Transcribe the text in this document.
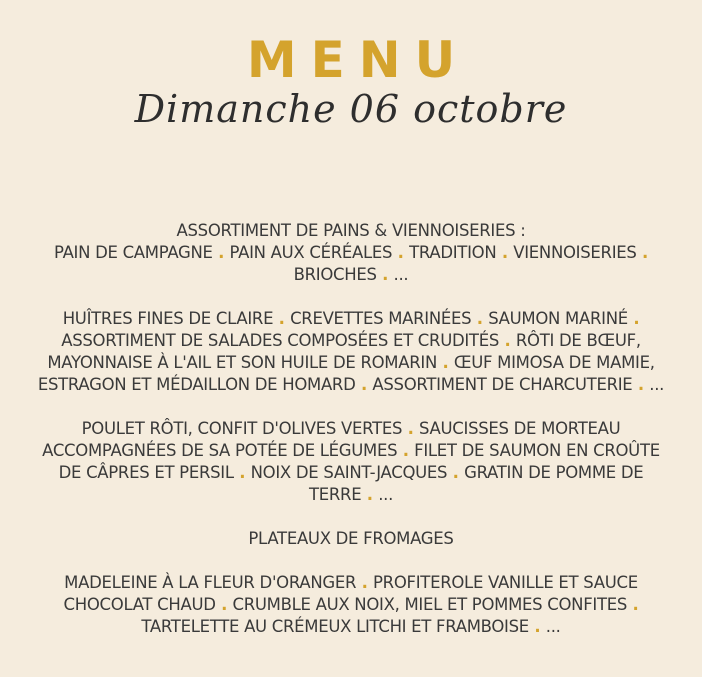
MENU
Dimanche 06 octobre
ASSORTIMENT DE PAINS & VIENNOISERIES :
PAIN DE CAMPAGNE . PAIN AUX CÉRÉALES . TRADITION . VIENNOISERIES .
BRIOCHES . ...
HUÎTRES FINES DE CLAIRE . CREVETTES MARINÉES . SAUMON MARINÉ .
ASSORTIMENT DE SALADES COMPOSÉES ET CRUDITÉS . RÔTI DE BŒUF,
MAYONNAISE À L'AIL ET SON HUILE DE ROMARIN . ŒUF MIMOSA DE MAMIE,
ESTRAGON ET MÉDAILLON DE HOMARD . ASSORTIMENT DE CHARCUTERIE . ...
POULET RÔTI, CONFIT D'OLIVES VERTES . SAUCISSES DE MORTEAU
ACCOMPAGNÉES DE SA POTÉE DE LÉGUMES . FILET DE SAUMON EN CROÛTE
DE CÂPRES ET PERSIL . NOIX DE SAINT-JACQUES . GRATIN DE POMME DE
TERRE . ...
PLATEAUX DE FROMAGES
MADELEINE À LA FLEUR D'ORANGER . PROFITEROLE VANILLE ET SAUCE
CHOCOLAT CHAUD . CRUMBLE AUX NOIX, MIEL ET POMMES CONFITES .
TARTELETTE AU CRÉMEUX LITCHI ET FRAMBOISE . ...
